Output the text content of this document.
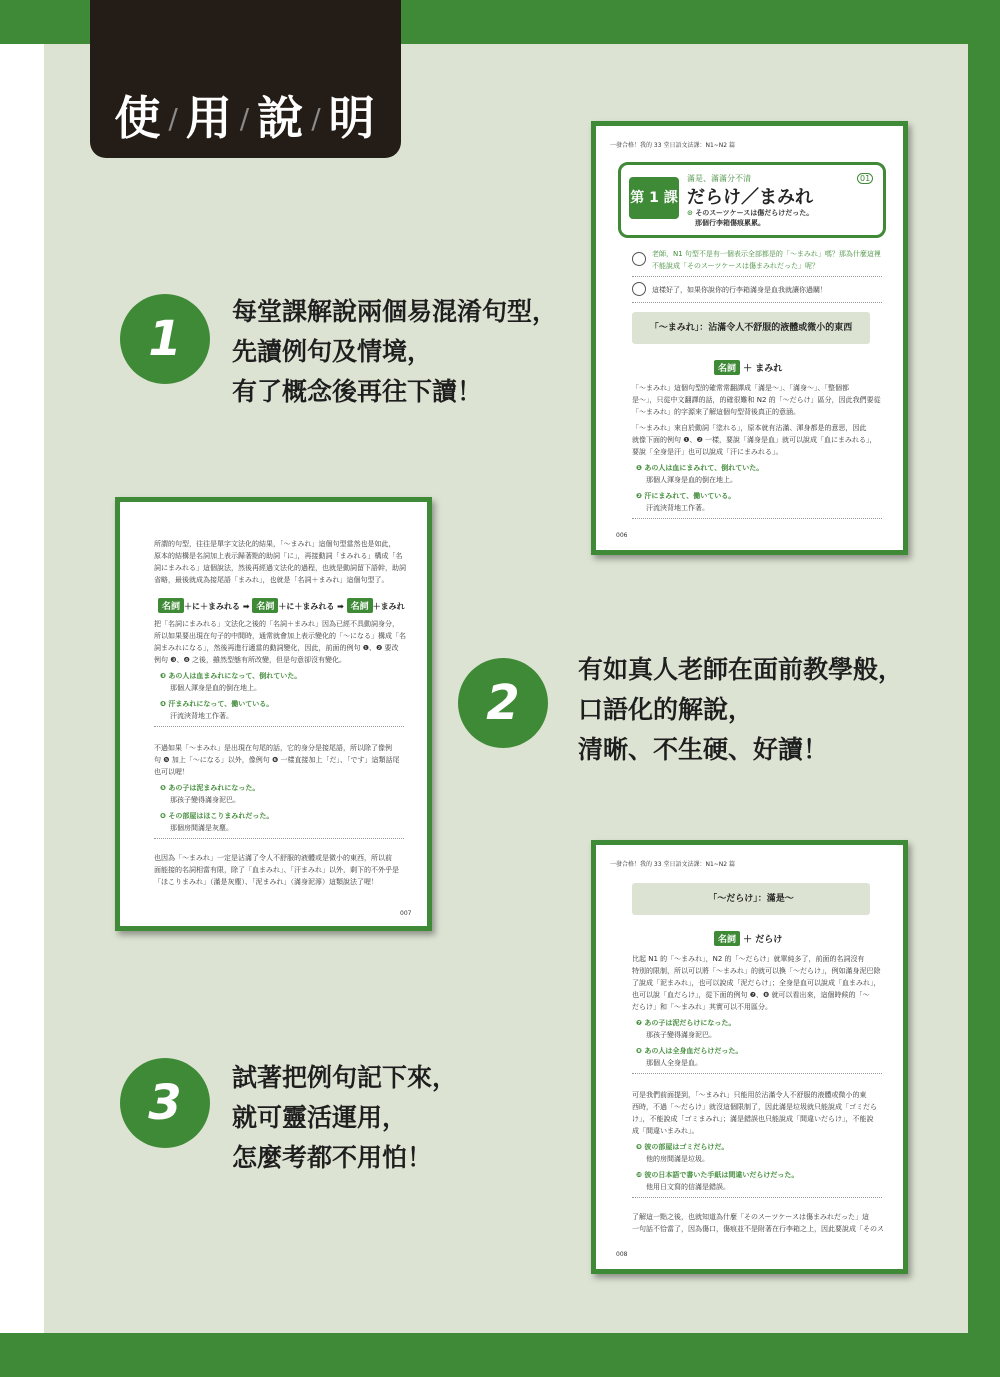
使 / 用 / 說 / 明
1	每堂課解說兩個易混淆句型，
先讀例句及情境，
有了概念後再往下讀！
2
有如真人老師在面前教學般，
口語化的解說，
清晰、不生硬、好讀！
3	試著把例句記下來，
就可靈活運用，
怎麼考都不用怕！
一發合格！我的 33 堂日語文法課：N1~N2 篇
第 1 課
滿是、滿滿分不清
だらけ／まみれ
01
⊙ そのスーツケースは傷だらけだった。
那個行李箱傷痕累累。
老師，N1 句型不是有一個表示全部都是的「～まみれ」嗎？那為什麼這裡
不能說成「そのスーツケースは傷まみれだった」呢？
這樣好了，如果你說你的行李箱滿身是血我就讓你過關！
「～まみれ」：沾滿令人不舒服的液體或微小的東西
名詞 ＋ まみれ
「～まみれ」這個句型的確常常翻譯成「滿是～」、「滿身～」、「整個都
是～」，只從中文翻譯的話，的確很難和 N2 的「～だらけ」區分，因此我們要從
「～まみれ」的字源來了解這個句型背後真正的意涵。
「～まみれ」來自於動詞「塗れる」，原本就有沾滿、渾身都是的意思，因此
就像下面的例句 ❶、❷ 一樣，要說「滿身是血」就可以說成「血にまみれる」，
要說「全身是汗」也可以說成「汗にまみれる」。
❶ あの人は血にまみれて、倒れていた。
那個人渾身是血的倒在地上。
❷ 汗にまみれて、働いている。
汗流浹背地工作著。
006
所謂的句型，往往是單字文法化的結果，「～まみれ」這個句型當然也是如此，
原本的結構是名詞加上表示歸著點的助詞「に」，再接動詞「まみれる」構成「名
詞にまみれる」這個說法，然後再經過文法化的過程，也就是動詞留下語幹，助詞
省略，最後就成為接尾語「まみれ」，也就是「名詞＋まみれ」這個句型了。
名詞 ＋に＋まみれる ➡ 名詞 ＋に＋まみれる ➡ 名詞 ＋まみれ
把「名詞にまみれる」文法化之後的「名詞＋まみれ」因為已經不具動詞身分，
所以如果要出現在句子的中間時，通常就會加上表示變化的「～になる」構成「名
詞まみれになる」，然後再進行適當的動詞變化，因此，前面的例句 ❶、❷ 要改
例句 ❸、❹ 之後，雖然型態有所改變，但是句意卻沒有變化。
❸ あの人は血まみれになって、倒れていた。
那個人渾身是血的倒在地上。
❹ 汗まみれになって、働いている。
汗流浹背地工作著。
不過如果「～まみれ」是出現在句尾的話，它的身分是接尾語，所以除了像例
句 ❺ 加上「～になる」以外，像例句 ❻ 一樣直接加上「だ」、「です」這類話尾
也可以喔！
❺ あの子は泥まみれになった。
那孩子變得滿身泥巴。
❻ その部屋はほこりまみれだった。
那個房間滿是灰塵。
也因為「～まみれ」一定是沾滿了令人不舒服的液體或是微小的東西，所以前
面能接的名詞相當有限，除了「血まみれ」、「汗まみれ」以外，剩下的不外乎是
「ほこりまみれ」（滿是灰塵）、「泥まみれ」（滿身泥濘）這類說法了喔！
007
一發合格！我的 33 堂日語文法課：N1~N2 篇
「～だらけ」：滿是～
名詞 ＋ だらけ
比起 N1 的「～まみれ」，N2 的「～だらけ」就單純多了，前面的名詞沒有
特別的限制，所以可以將「～まみれ」的就可以換「～だらけ」，例如滿身泥巴除
了說成「泥まみれ」，也可以說成「泥だらけ」；全身是血可以說成「血まみれ」，
也可以說「血だらけ」，從下面的例句 ❼、❽ 就可以看出來，這個時候的「～
だらけ」和「～まみれ」其實可以不用區分。
❼ あの子は泥だらけになった。
那孩子變得滿身泥巴。
❽ あの人は全身血だらけだった。
那個人全身是血。
可是我們前面提到，「～まみれ」只能用於沾滿令人不舒服的液體或微小的東
西時，不過「～だらけ」就沒這個限制了，因此滿是垃圾就只能說成「ゴミだら
け」，不能說成「ゴミまみれ」；滿是錯誤也只能說成「間違いだらけ」，不能說
成「間違いまみれ」。
❾ 彼の部屋はゴミだらけだ。
他的房間滿是垃圾。
❿ 彼の日本語で書いた手紙は間違いだらけだった。
他用日文寫的信滿是錯誤。
了解這一點之後，也就知道為什麼「そのスーツケースは傷まみれだった」這
一句話不恰當了，因為傷口，傷痕並不是附著在行李箱之上，因此要說成「そのス
008
